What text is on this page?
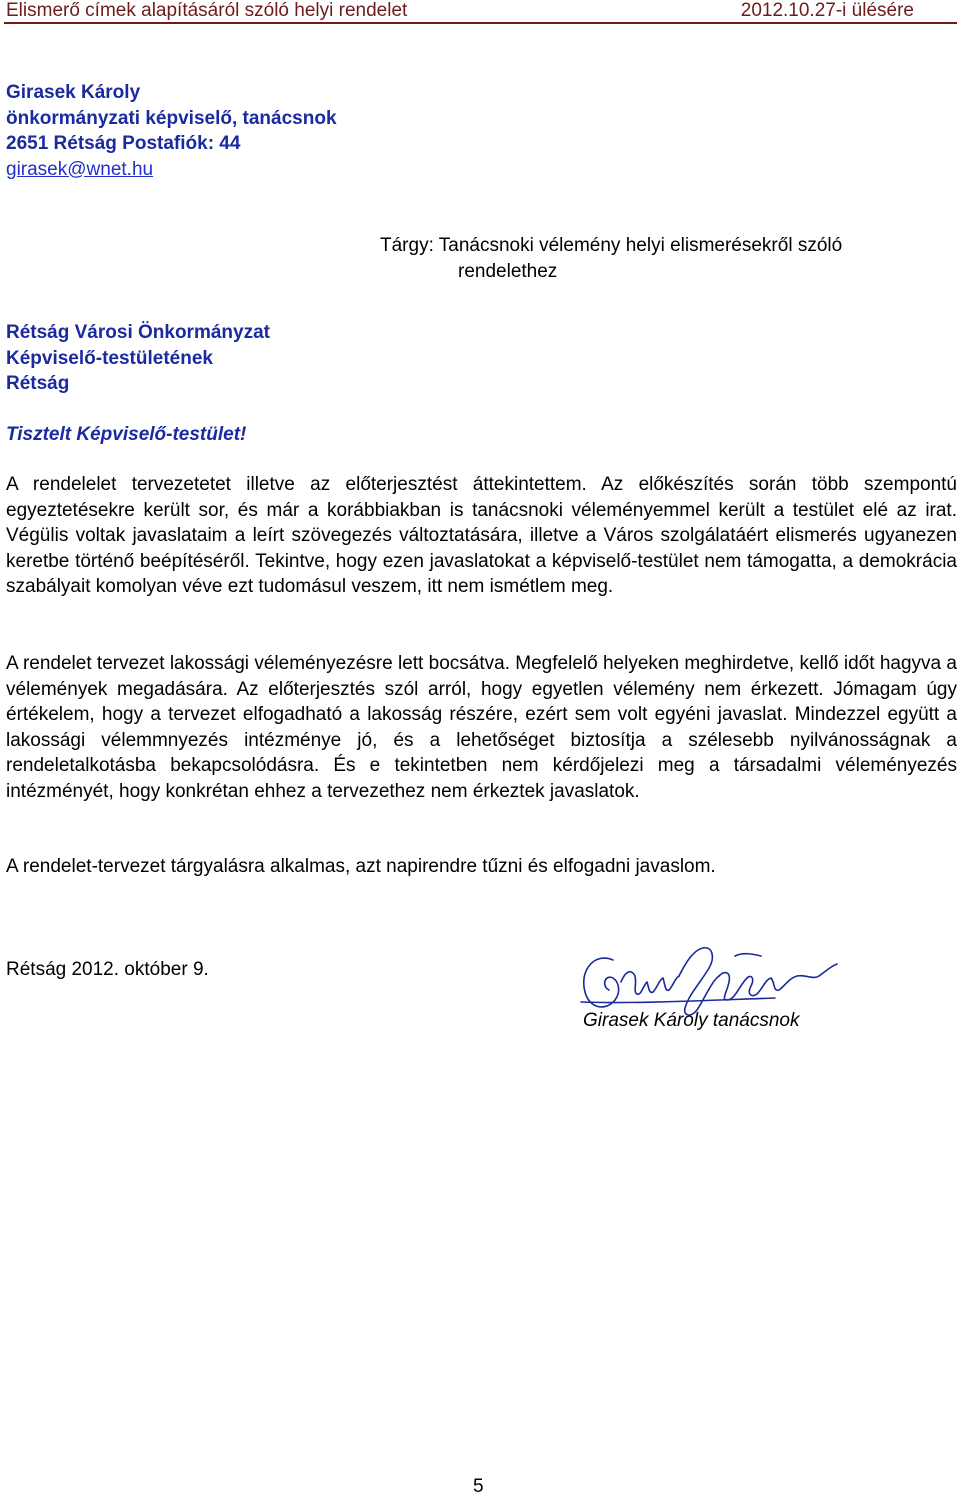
Elismerő címek alapításáról szóló helyi rendelet	2012.10.27-i ülésére
Girasek Károly
önkormányzati képviselő, tanácsnok
2651 Rétság Postafiók: 44
girasek@wnet.hu
Tárgy: Tanácsnoki vélemény helyi elismerésekről szóló
rendelethez
Rétság Városi Önkormányzat
Képviselő-testületének
Rétság
Tisztelt Képviselő-testület!
A rendelelet tervezetetet illetve az előterjesztést áttekintettem. Az előkészítés során több szempontú egyeztetésekre került sor, és már a korábbiakban is tanácsnoki véleményemmel került a testület elé az irat. Végülis voltak javaslataim a leírt szövegezés változtatására, illetve a Város szolgálatáért elismerés ugyanezen keretbe történő beépítéséről. Tekintve, hogy ezen javaslatokat a képviselő-testület nem támogatta, a demokrácia szabályait komolyan véve ezt tudomásul veszem, itt nem ismétlem meg.
A rendelet tervezet lakossági véleményezésre lett bocsátva. Megfelelő helyeken meghirdetve, kellő időt hagyva a vélemények megadására. Az előterjesztés szól arról, hogy egyetlen vélemény nem érkezett. Jómagam úgy értékelem, hogy a tervezet elfogadható a lakosság részére, ezért sem volt egyéni javaslat. Mindezzel együtt a lakossági vélemmnyezés intézménye jó, és a lehetőséget biztosítja a szélesebb nyilvánosságnak a rendeletalkotásba bekapcsolódásra. És e tekintetben nem kérdőjelezi meg a társadalmi véleményezés intézményét, hogy konkrétan ehhez a tervezethez nem érkeztek javaslatok.
A rendelet-tervezet tárgyalásra alkalmas, azt napirendre tűzni és elfogadni javaslom.
Rétság 2012. október 9.
Girasek Károly tanácsnok
5
